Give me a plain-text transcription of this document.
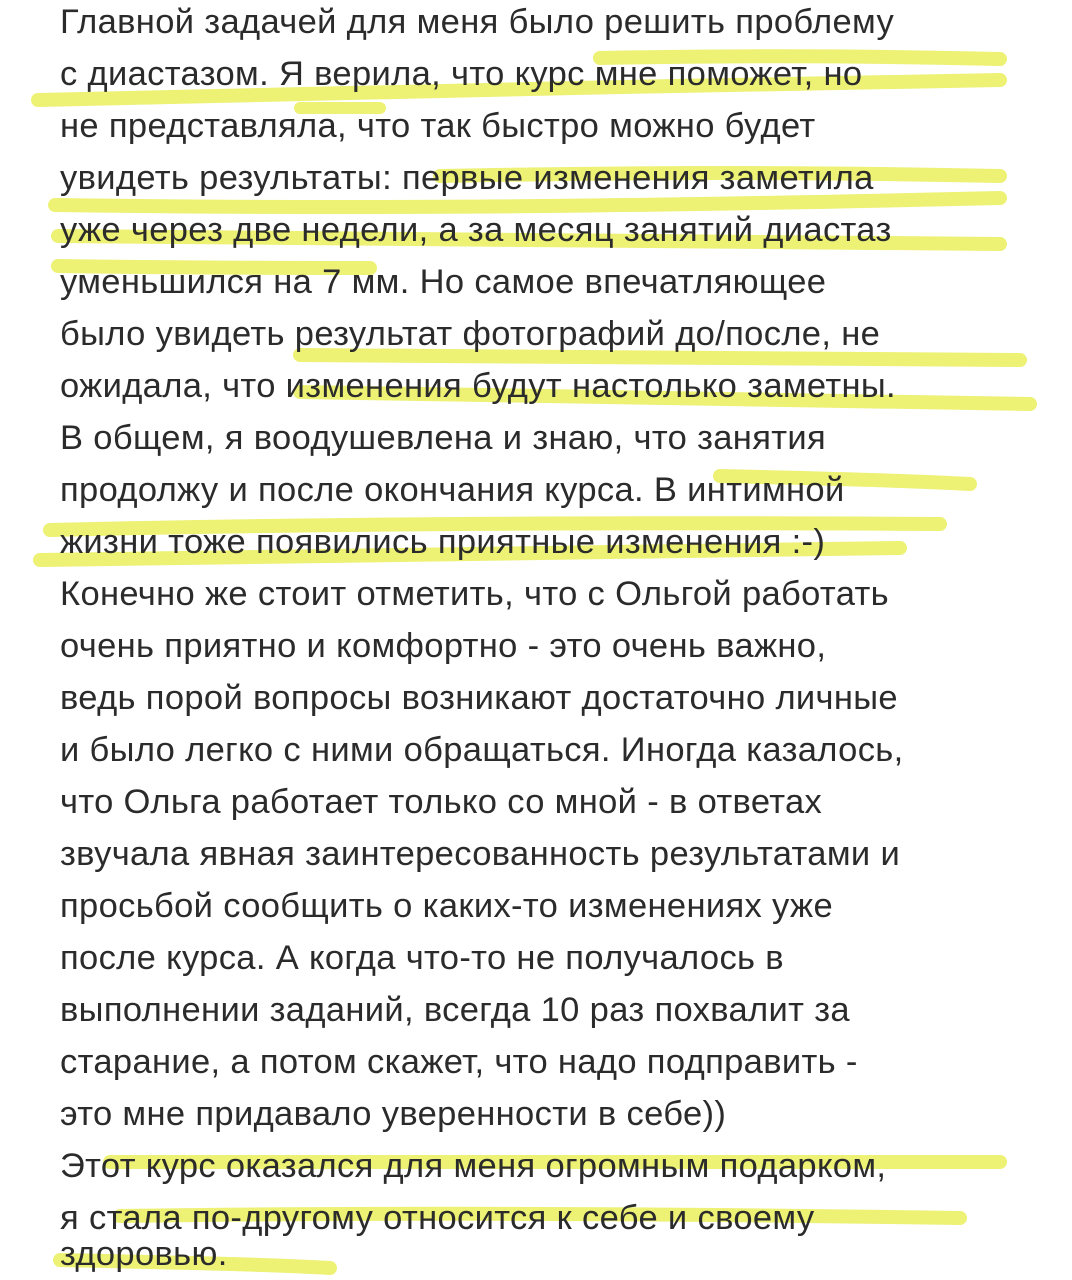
Главной задачей для меня было решить проблему
с диастазом. Я верила, что курс мне поможет, но
не представляла, что так быстро можно будет
увидеть результаты: первые изменения заметила
уже через две недели, а за месяц занятий диастаз
уменьшился на 7 мм. Но самое впечатляющее
было увидеть результат фотографий до/после, не
ожидала, что изменения будут настолько заметны.
В общем, я воодушевлена и знаю, что занятия
продолжу и после окончания курса. В интимной
жизни тоже появились приятные изменения :-)
Конечно же стоит отметить, что с Ольгой работать
очень приятно и комфортно - это очень важно,
ведь порой вопросы возникают достаточно личные
и было легко с ними обращаться. Иногда казалось,
что Ольга работает только со мной - в ответах
звучала явная заинтересованность результатами и
просьбой сообщить о каких-то изменениях уже
после курса. А когда что-то не получалось в
выполнении заданий, всегда 10 раз похвалит за
старание, а потом скажет, что надо подправить -
это мне придавало уверенности в себе))
Этот курс оказался для меня огромным подарком,
я стала по-другому относится к себе и своему
здоровью.
